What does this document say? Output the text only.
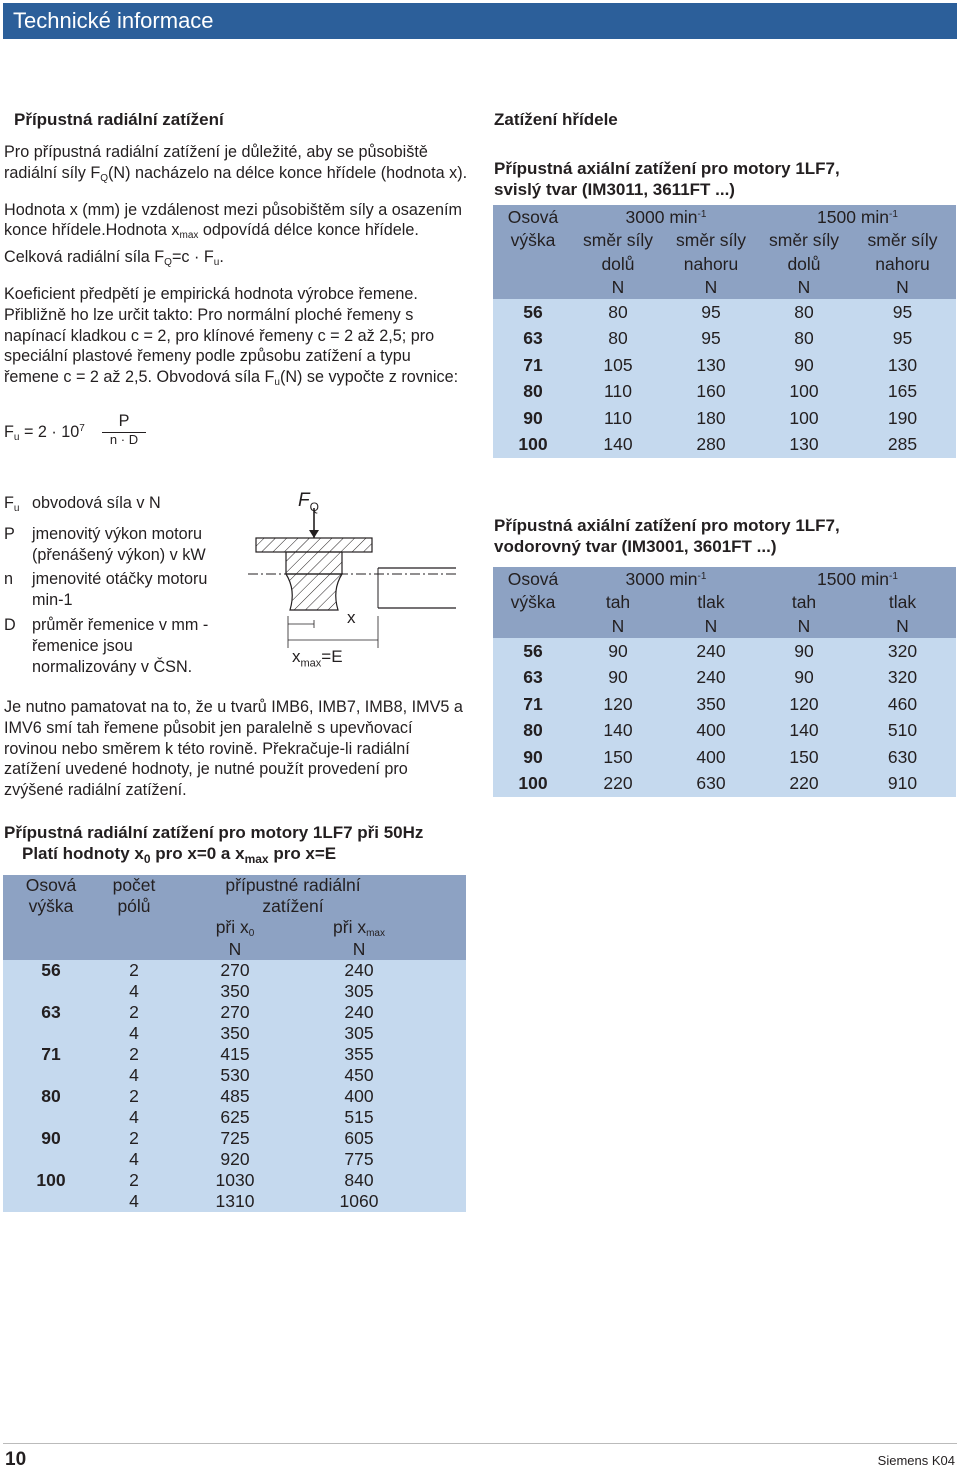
Technické informace
Přípustná radiální zatížení

Pro přípustná radiální zatížení je důležité, aby se působiště radiální síly $F_Q(N)$ nacházelo na délce konce hřídele (hodnota x).

Hodnota x (mm) je vzdálenost mezi působištěm síly a osazením konce hřídele.Hodnota $x_{max}$ odpovídá délce konce hřídele. Celková radiální síla $F_Q=c \cdot F_u$.

Koeficient předpětí je empirická hodnota výrobce řemene.

Přibližně ho lze určit takto: Pro normální ploché řemeny s napínací kladkou c = 2, pro klínové řemeny c = 2 až 2,5; pro speciální plastové řemeny podle způsobu zatížení a typu řemene c = 2 až 2,5. Obvodová síla $F_u(N)$ se vypočte z rovnice:

$F_u = 2 \cdot 10^7$	P
n · D
$F_u$	obvodová síla v N
P	jmenovitý výkon motoru (přenášený výkon) v kW
n	jmenovité otáčky motoru min-1
D	průměr řemenice v mm - řemenice jsou normalizovány v ČSN.
$F_Q$
x
$x_{max}=E$
Je nutno pamatovat na to, že u tvarů IMB6, IMB7, IMB8, IMV5 a IMV6 smí tah řemene působit jen paralelně s upevňovací rovinou nebo směrem k této rovině. Překračuje-li radiální zatížení uvedené hodnoty, je nutné použít provedení pro zvýšené radiální zatížení.
Přípustná radiální zatížení pro motory 1LF7 při 50Hz
Platí hodnoty $x_0$ pro x=0 a $x_{max}$ pro x=E
Osová	počet	přípustné radiální		
výška	pólů	zatížení		
		při $x_0$	při $x_{max}$	
		N	N	
56	2	270	240	
	4	350	305	
63	2	270	240	
	4	350	305	
71	2	415	355	
	4	530	450	
80	2	485	400	
	4	625	515	
90	2	725	605	
	4	920	775	
100	2	1030	840	
	4	1310	1060	
Zatížení hřídele
Přípustná axiální zatížení pro motory 1LF7,
svislý tvar (IM3011, 3611FT ...)
Osová	3000 $\min^{-1}$		1500 $\min^{-1}$
výška	směr síly	směr síly	směr síly	směr síly
	dolů	nahoru	dolů	nahoru
	N	N	N	N
56	80	95	80	95
63	80	95	80	95
71	105	130	90	130
80	110	160	100	165
90	110	180	100	190
100	140	280	130	285
Přípustná axiální zatížení pro motory 1LF7,
vodorovný tvar (IM3001, 3601FT ...)
Osová	3000 $\min^{-1}$		1500 $\min^{-1}$
výška	tah	tlak	tah	tlak
	N	N	N	N
56	90	240	90	320
63	90	240	90	320
71	120	350	120	460
80	140	400	140	510
90	150	400	150	630
100	220	630	220	910
10	Siemens K04
